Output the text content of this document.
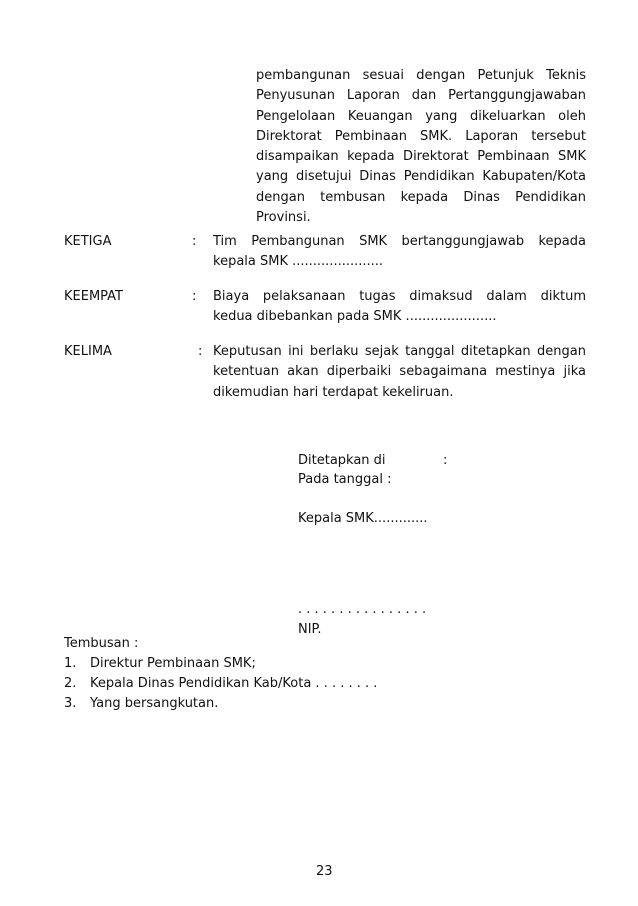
pembangunan sesuai dengan Petunjuk Teknis

Penyusunan Laporan dan Pertanggungjawaban

Pengelolaan Keuangan yang dikeluarkan oleh

Direktorat Pembinaan SMK. Laporan tersebut

disampaikan kepada Direktorat Pembinaan SMK

yang disetujui Dinas Pendidikan Kabupaten/Kota

dengan tembusan kepada Dinas Pendidikan

Provinsi.

KETIGA	: Tim Pembangunan SMK bertanggungjawab kepada

kepala SMK ......................

KEEMPAT	: Biaya pelaksanaan tugas dimaksud dalam diktum

kedua dibebankan pada SMK ......................

KELIMA	: Keputusan ini berlaku sejak tanggal ditetapkan dengan

ketentuan akan diperbaiki sebagaimana mestinya jika

dikemudian hari terdapat kekeliruan.

Ditetapkan di	:
Pada tanggal :
Kepala SMK.............
. . . . . . . . . . . . . . . .
NIP.
Tembusan :
1. Direktur Pembinaan SMK;
2. Kepala Dinas Pendidikan Kab/Kota . . . . . . . .
3. Yang bersangkutan.
23
